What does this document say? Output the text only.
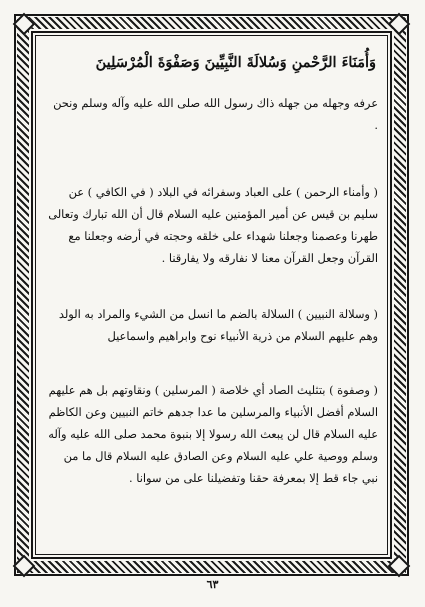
وَأُمَنَاءَ الرَّحْمنِ وَسُلالَةَ النَّبِيِّينَ وَصَفْوَةَ الْمُرْسَلِينَ

عرفه وجهله من جهله ذاك رسول الله صلى الله عليه وآله وسلم ونحن .

( وأمناء الرحمن ) على العباد وسفرائه في البلاد ( في الكافي ) عن سليم بن قيس عن أمير المؤمنين عليه السلام قال أن الله تبارك وتعالى طهرنا وعصمنا وجعلنا شهداء على خلقه وحجته في أرضه وجعلنا مع القرآن وجعل القرآن معنا لا نفارقه ولا يفارقنا .

( وسلالة النبيين ) السلالة بالضم ما انسل من الشيء والمراد به الولد وهم عليهم السلام من ذرية الأنبياء نوح وابراهيم واسماعيل

( وصفوة ) بتثليث الصاد أي خلاصة ( المرسلين ) ونقاوتهم بل هم عليهم السلام أفضل الأنبياء والمرسلين ما عدا جدهم خاتم النبيين وعن الكاظم عليه السلام قال لن يبعث الله رسولا إلا بنبوة محمد صلى الله عليه وآله وسلم ووصية علي عليه السلام وعن الصادق عليه السلام قال ما من نبي جاء قط إلا بمعرفة حقنا وتفضيلنا على من سوانا .

٦٣
